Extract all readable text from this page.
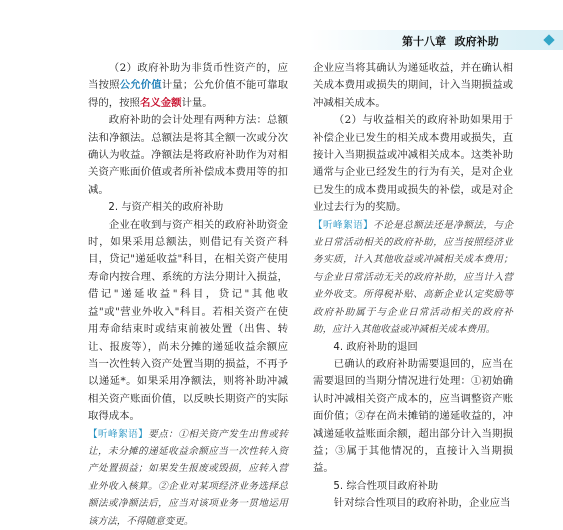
第十八章 政府补助

（2）政府补助为非货币性资产的，应当按照公允价值计量；公允价值不能可靠取得的，按照名义金额计量。

政府补助的会计处理有两种方法：总额法和净额法。总额法是将其全额一次或分次确认为收益。净额法是将政府补助作为对相关资产账面价值或者所补偿成本费用等的扣减。

2. 与资产相关的政府补助

企业在收到与资产相关的政府补助资金时，如果采用总额法，则借记有关资产科目，贷记"递延收益"科目，在相关资产使用寿命内按合理、系统的方法分期计入损益，借记"递延收益"科目，贷记"其他收益"或"营业外收入"科目。若相关资产在使用寿命结束时或结束前被处置（出售、转让、报废等），尚未分摊的递延收益余额应当一次性转入资产处置当期的损益，不再予以递延*。如果采用净额法，则将补助冲减相关资产账面价值，以反映长期资产的实际取得成本。

【听峰絮语】要点：①相关资产发生出售或转让，未分摊的递延收益余额应当一次性转入资产处置损益；如果发生报废或毁损，应转入营业外收入核算。②企业对某项经济业务选择总额法或净额法后，应当对该项业务一贯地运用该方法，不得随意变更。

企业应当将其确认为递延收益，并在确认相关成本费用或损失的期间，计入当期损益或冲减相关成本。

（2）与收益相关的政府补助如果用于补偿企业已发生的相关成本费用或损失，直接计入当期损益或冲减相关成本。这类补助通常与企业已经发生的行为有关，是对企业已发生的成本费用或损失的补偿，或是对企业过去行为的奖励。

【听峰絮语】不论是总额法还是净额法，与企业日常活动相关的政府补助，应当按照经济业务实质，计入其他收益或冲减相关成本费用；与企业日常活动无关的政府补助，应当计入营业外收支。所得税补贴、高新企业认定奖励等政府补助属于与企业日常活动相关的政府补助，应计入其他收益或冲减相关成本费用。

4. 政府补助的退回

已确认的政府补助需要退回的，应当在需要退回的当期分情况进行处理：①初始确认时冲减相关资产成本的，应当调整资产账面价值；②存在尚未摊销的递延收益的，冲减递延收益账面余额，超出部分计入当期损益；③属于其他情况的，直接计入当期损益。

5. 综合性项目政府补助

针对综合性项目的政府补助，企业应当
